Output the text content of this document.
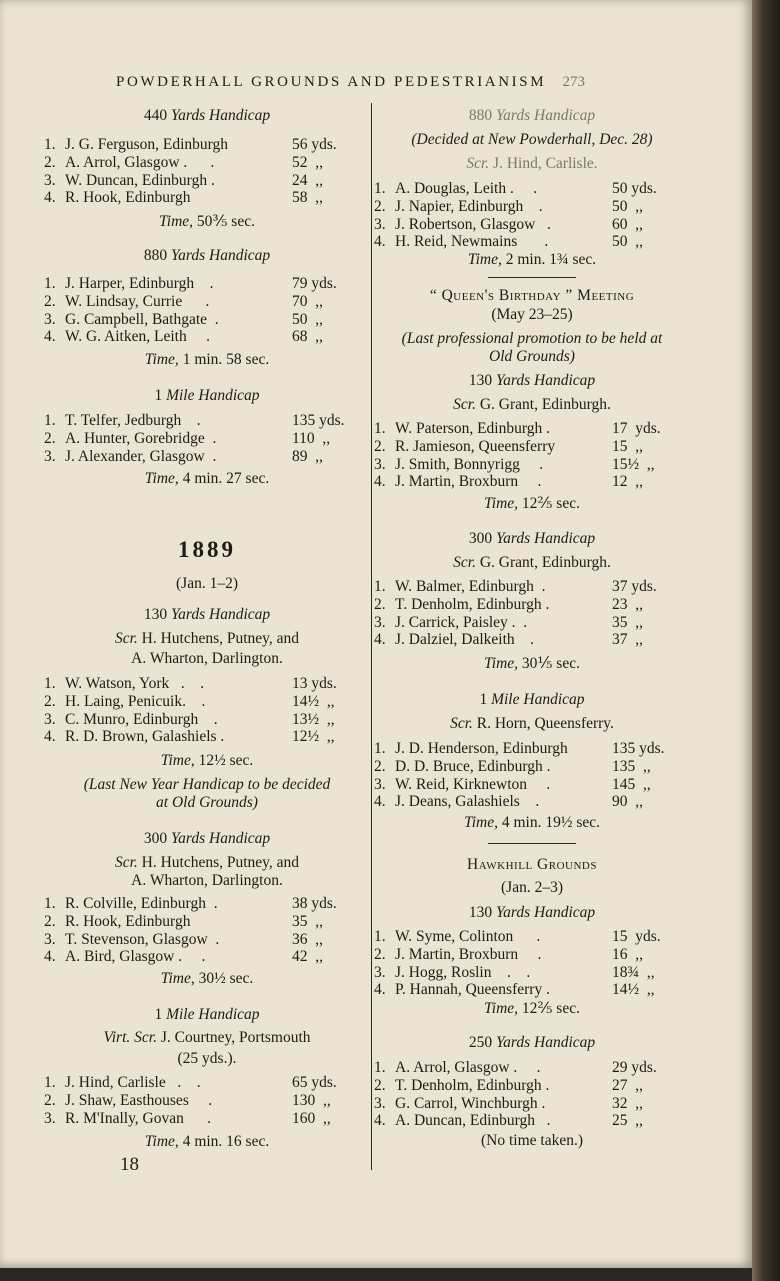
POWDERHALL GROUNDS AND PEDESTRIANISM 273
440 Yards Handicap
1. J. G. Ferguson, Edinburgh	56 yds.
2. A. Arrol, Glasgow .      .	52  ,,
3. W. Duncan, Edinburgh .	24  ,,
4. R. Hook, Edinburgh	58  ,,
Time, 50⅗ sec.
880 Yards Handicap
1. J. Harper, Edinburgh    .	79 yds.
2. W. Lindsay, Currie      .	70  ,,
3. G. Campbell, Bathgate  .	50  ,,
4. W. G. Aitken, Leith     .	68  ,,
Time, 1 min. 58 sec.
1 Mile Handicap
1. T. Telfer, Jedburgh    .	135 yds.
2. A. Hunter, Gorebridge  .	110  ,,
3. J. Alexander, Glasgow  .	89  ,,
Time, 4 min. 27 sec.
1889
(Jan. 1–2)
130 Yards Handicap
Scr. H. Hutchens, Putney, and
A. Wharton, Darlington.
1. W. Watson, York   .    .	13 yds.
2. H. Laing, Penicuik.    .	14½  ,,
3. C. Munro, Edinburgh    .	13½  ,,
4. R. D. Brown, Galashiels .	12½  ,,
Time, 12½ sec.
(Last New Year Handicap to be decided
at Old Grounds)
300 Yards Handicap
Scr. H. Hutchens, Putney, and
A. Wharton, Darlington.
1. R. Colville, Edinburgh  .	38 yds.
2. R. Hook, Edinburgh	35  ,,
3. T. Stevenson, Glasgow  .	36  ,,
4. A. Bird, Glasgow .     .	42  ,,
Time, 30½ sec.
1 Mile Handicap
Virt. Scr. J. Courtney, Portsmouth
(25 yds.).
1. J. Hind, Carlisle   .    .	65 yds.
2. J. Shaw, Easthouses     .	130  ,,
3. R. M'Inally, Govan      .	160  ,,
Time, 4 min. 16 sec.
880 Yards Handicap
(Decided at New Powderhall, Dec. 28)
Scr. J. Hind, Carlisle.
1. A. Douglas, Leith .     .	50 yds.
2. J. Napier, Edinburgh    .	50  ,,
3. J. Robertson, Glasgow   .	60  ,,
4. H. Reid, Newmains       .	50  ,,
Time, 2 min. 1¾ sec.
“ Queen's Birthday ” Meeting
(May 23–25)
(Last professional promotion to be held at
Old Grounds)
130 Yards Handicap
Scr. G. Grant, Edinburgh.
1. W. Paterson, Edinburgh .	17  yds.
2. R. Jamieson, Queensferry	15  ,,
3. J. Smith, Bonnyrigg     .	15½  ,,
4. J. Martin, Broxburn     .	12  ,,
Time, 12⅖ sec.
300 Yards Handicap
Scr. G. Grant, Edinburgh.
1. W. Balmer, Edinburgh  .	37 yds.
2. T. Denholm, Edinburgh .	23  ,,
3. J. Carrick, Paisley .  .	35  ,,
4. J. Dalziel, Dalkeith    .	37  ,,
Time, 30⅕ sec.
1 Mile Handicap
Scr. R. Horn, Queensferry.
1. J. D. Henderson, Edinburgh	135 yds.
2. D. D. Bruce, Edinburgh .	135  ,,
3. W. Reid, Kirknewton     .	145  ,,
4. J. Deans, Galashiels    .	90  ,,
Time, 4 min. 19½ sec.
Hawkhill Grounds
(Jan. 2–3)
130 Yards Handicap
1. W. Syme, Colinton      .	15  yds.
2. J. Martin, Broxburn     .	16  ,,
3. J. Hogg, Roslin    .    .	18¾  ,,
4. P. Hannah, Queensferry .	14½  ,,
Time, 12⅖ sec.
250 Yards Handicap
1. A. Arrol, Glasgow .     .	29 yds.
2. T. Denholm, Edinburgh .	27  ,,
3. G. Carrol, Winchburgh .	32  ,,
4. A. Duncan, Edinburgh   .	25  ,,
(No time taken.)
18
